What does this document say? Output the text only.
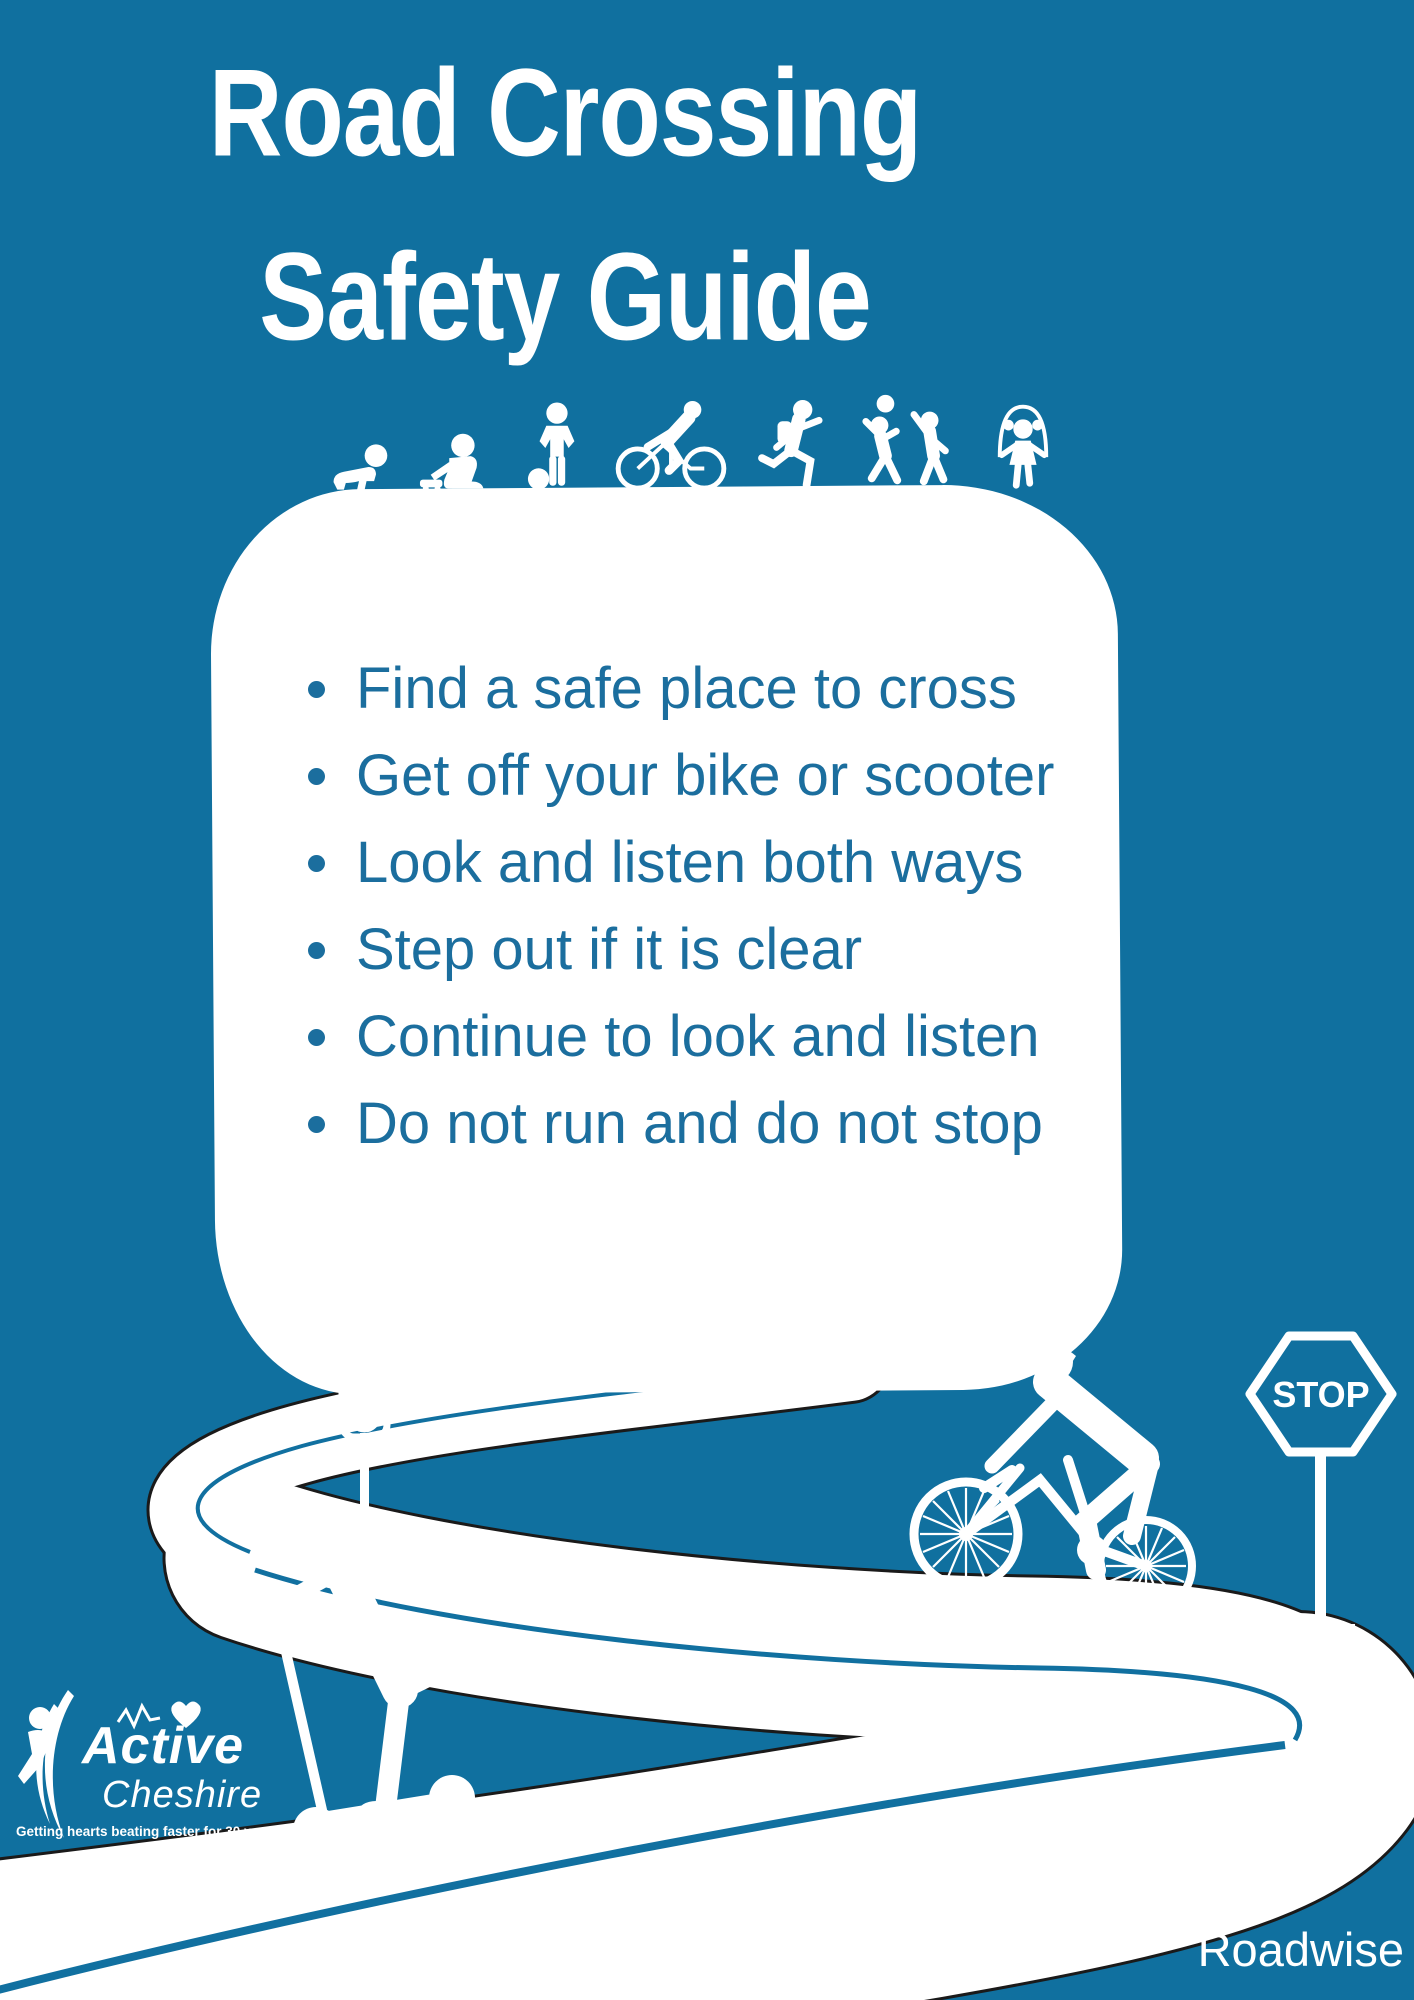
Road Crossing
Safety Guide
STOP
Find a safe place to cross
Get off your bike or scooter
Look and listen both ways
Step out if it is clear
Continue to look and listen
Do not run and do not stop
Active
Cheshire
Getting hearts beating faster for 30 years
Roadwise
